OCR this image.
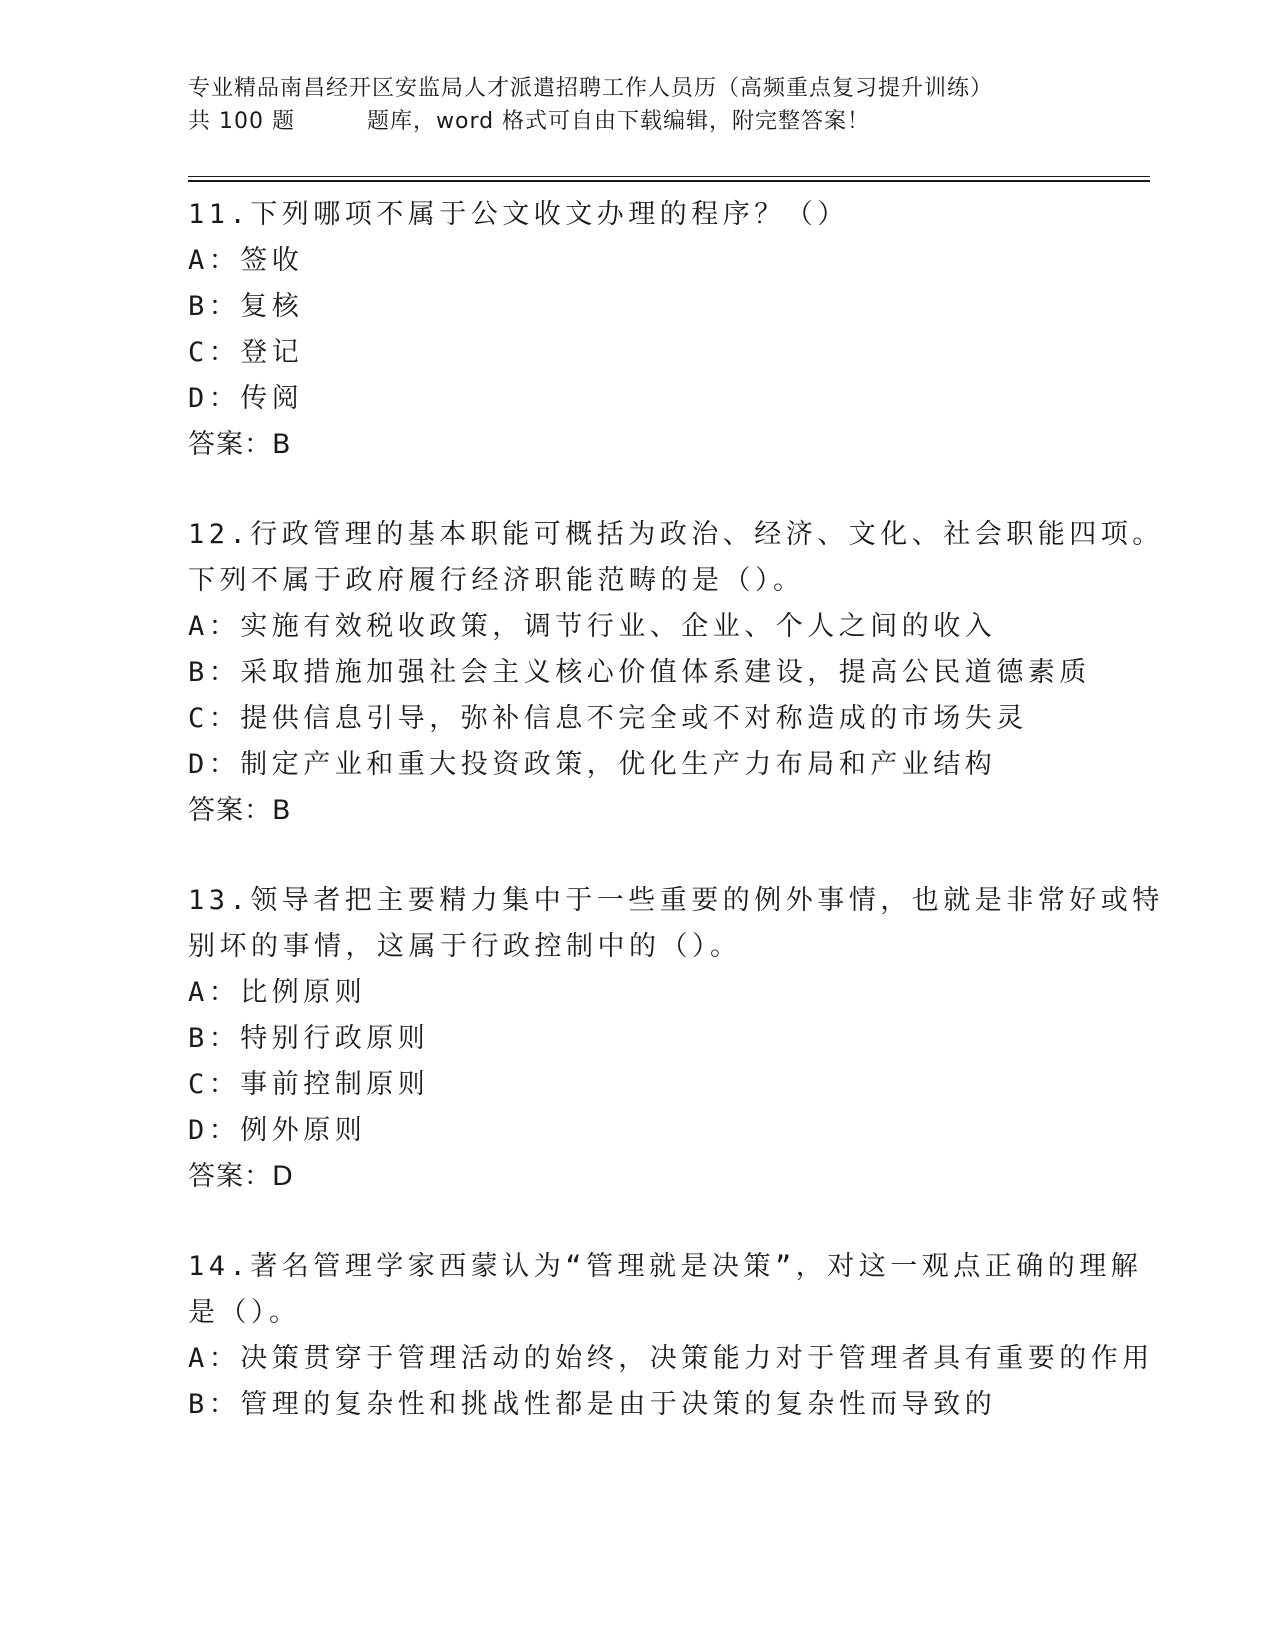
专业精品南昌经开区安监局人才派遣招聘工作人员历（高频重点复习提升训练）
共 100 题	题库，word 格式可自由下载编辑，附完整答案！
11.下列哪项不属于公文收文办理的程序？（）
A：签收
B：复核
C：登记
D：传阅
答案：B
12.行政管理的基本职能可概括为政治、经济、文化、社会职能四项。
下列不属于政府履行经济职能范畴的是（）。
A：实施有效税收政策，调节行业、企业、个人之间的收入
B：采取措施加强社会主义核心价值体系建设，提高公民道德素质
C：提供信息引导，弥补信息不完全或不对称造成的市场失灵
D：制定产业和重大投资政策，优化生产力布局和产业结构
答案：B
13.领导者把主要精力集中于一些重要的例外事情，也就是非常好或特
别坏的事情，这属于行政控制中的（）。
A：比例原则
B：特别行政原则
C：事前控制原则
D：例外原则
答案：D
14.著名管理学家西蒙认为“管理就是决策”，对这一观点正确的理解
是（）。
A：决策贯穿于管理活动的始终，决策能力对于管理者具有重要的作用
B：管理的复杂性和挑战性都是由于决策的复杂性而导致的
